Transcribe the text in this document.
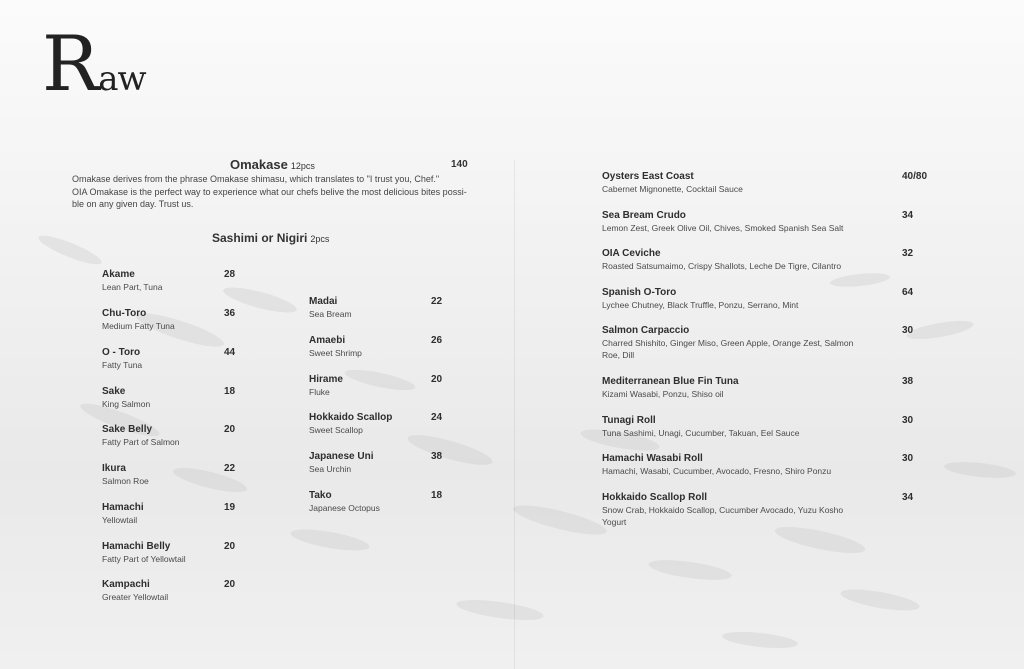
Raw
Omakase 12pcs	140

Omakase derives from the phrase Omakase shimasu, which translates to "I trust you, Chef."

OIA Omakase is the perfect way to experience what our chefs belive the most delicious bites possi-

ble on any given day. Trust us.

Sashimi or Nigiri 2pcs
Akame
Lean Part, Tuna
28
Chu-Toro
Medium Fatty Tuna
36
O - Toro
Fatty Tuna
44
Sake
King Salmon
18
Sake Belly
Fatty Part of Salmon
20
Ikura
Salmon Roe
22
Hamachi
Yellowtail
19
Hamachi Belly
Fatty Part of Yellowtail
20
Kampachi
Greater Yellowtail
20
Madai
Sea Bream
22
Amaebi
Sweet Shrimp
26
Hirame
Fluke
20
Hokkaido Scallop
Sweet Scallop
24
Japanese Uni
Sea Urchin
38
Tako
Japanese Octopus
18
Oysters East Coast
Cabernet Mignonette, Cocktail Sauce
40/80
Sea Bream Crudo
Lemon Zest, Greek Olive Oil, Chives, Smoked Spanish Sea Salt
34
OIA Ceviche
Roasted Satsumaimo, Crispy Shallots, Leche De Tigre, Cilantro
32
Spanish O-Toro
Lychee Chutney, Black Truffle, Ponzu, Serrano, Mint
64
Salmon Carpaccio
Charred Shishito, Ginger Miso, Green Apple, Orange Zest, Salmon Roe, Dill
30
Mediterranean Blue Fin Tuna
Kizami Wasabi, Ponzu, Shiso oil
38
Tunagi Roll
Tuna Sashimi, Unagi, Cucumber, Takuan, Eel Sauce
30
Hamachi Wasabi Roll
Hamachi, Wasabi, Cucumber, Avocado, Fresno, Shiro Ponzu
30
Hokkaido Scallop Roll
Snow Crab, Hokkaido Scallop, Cucumber Avocado, Yuzu Kosho Yogurt
34
